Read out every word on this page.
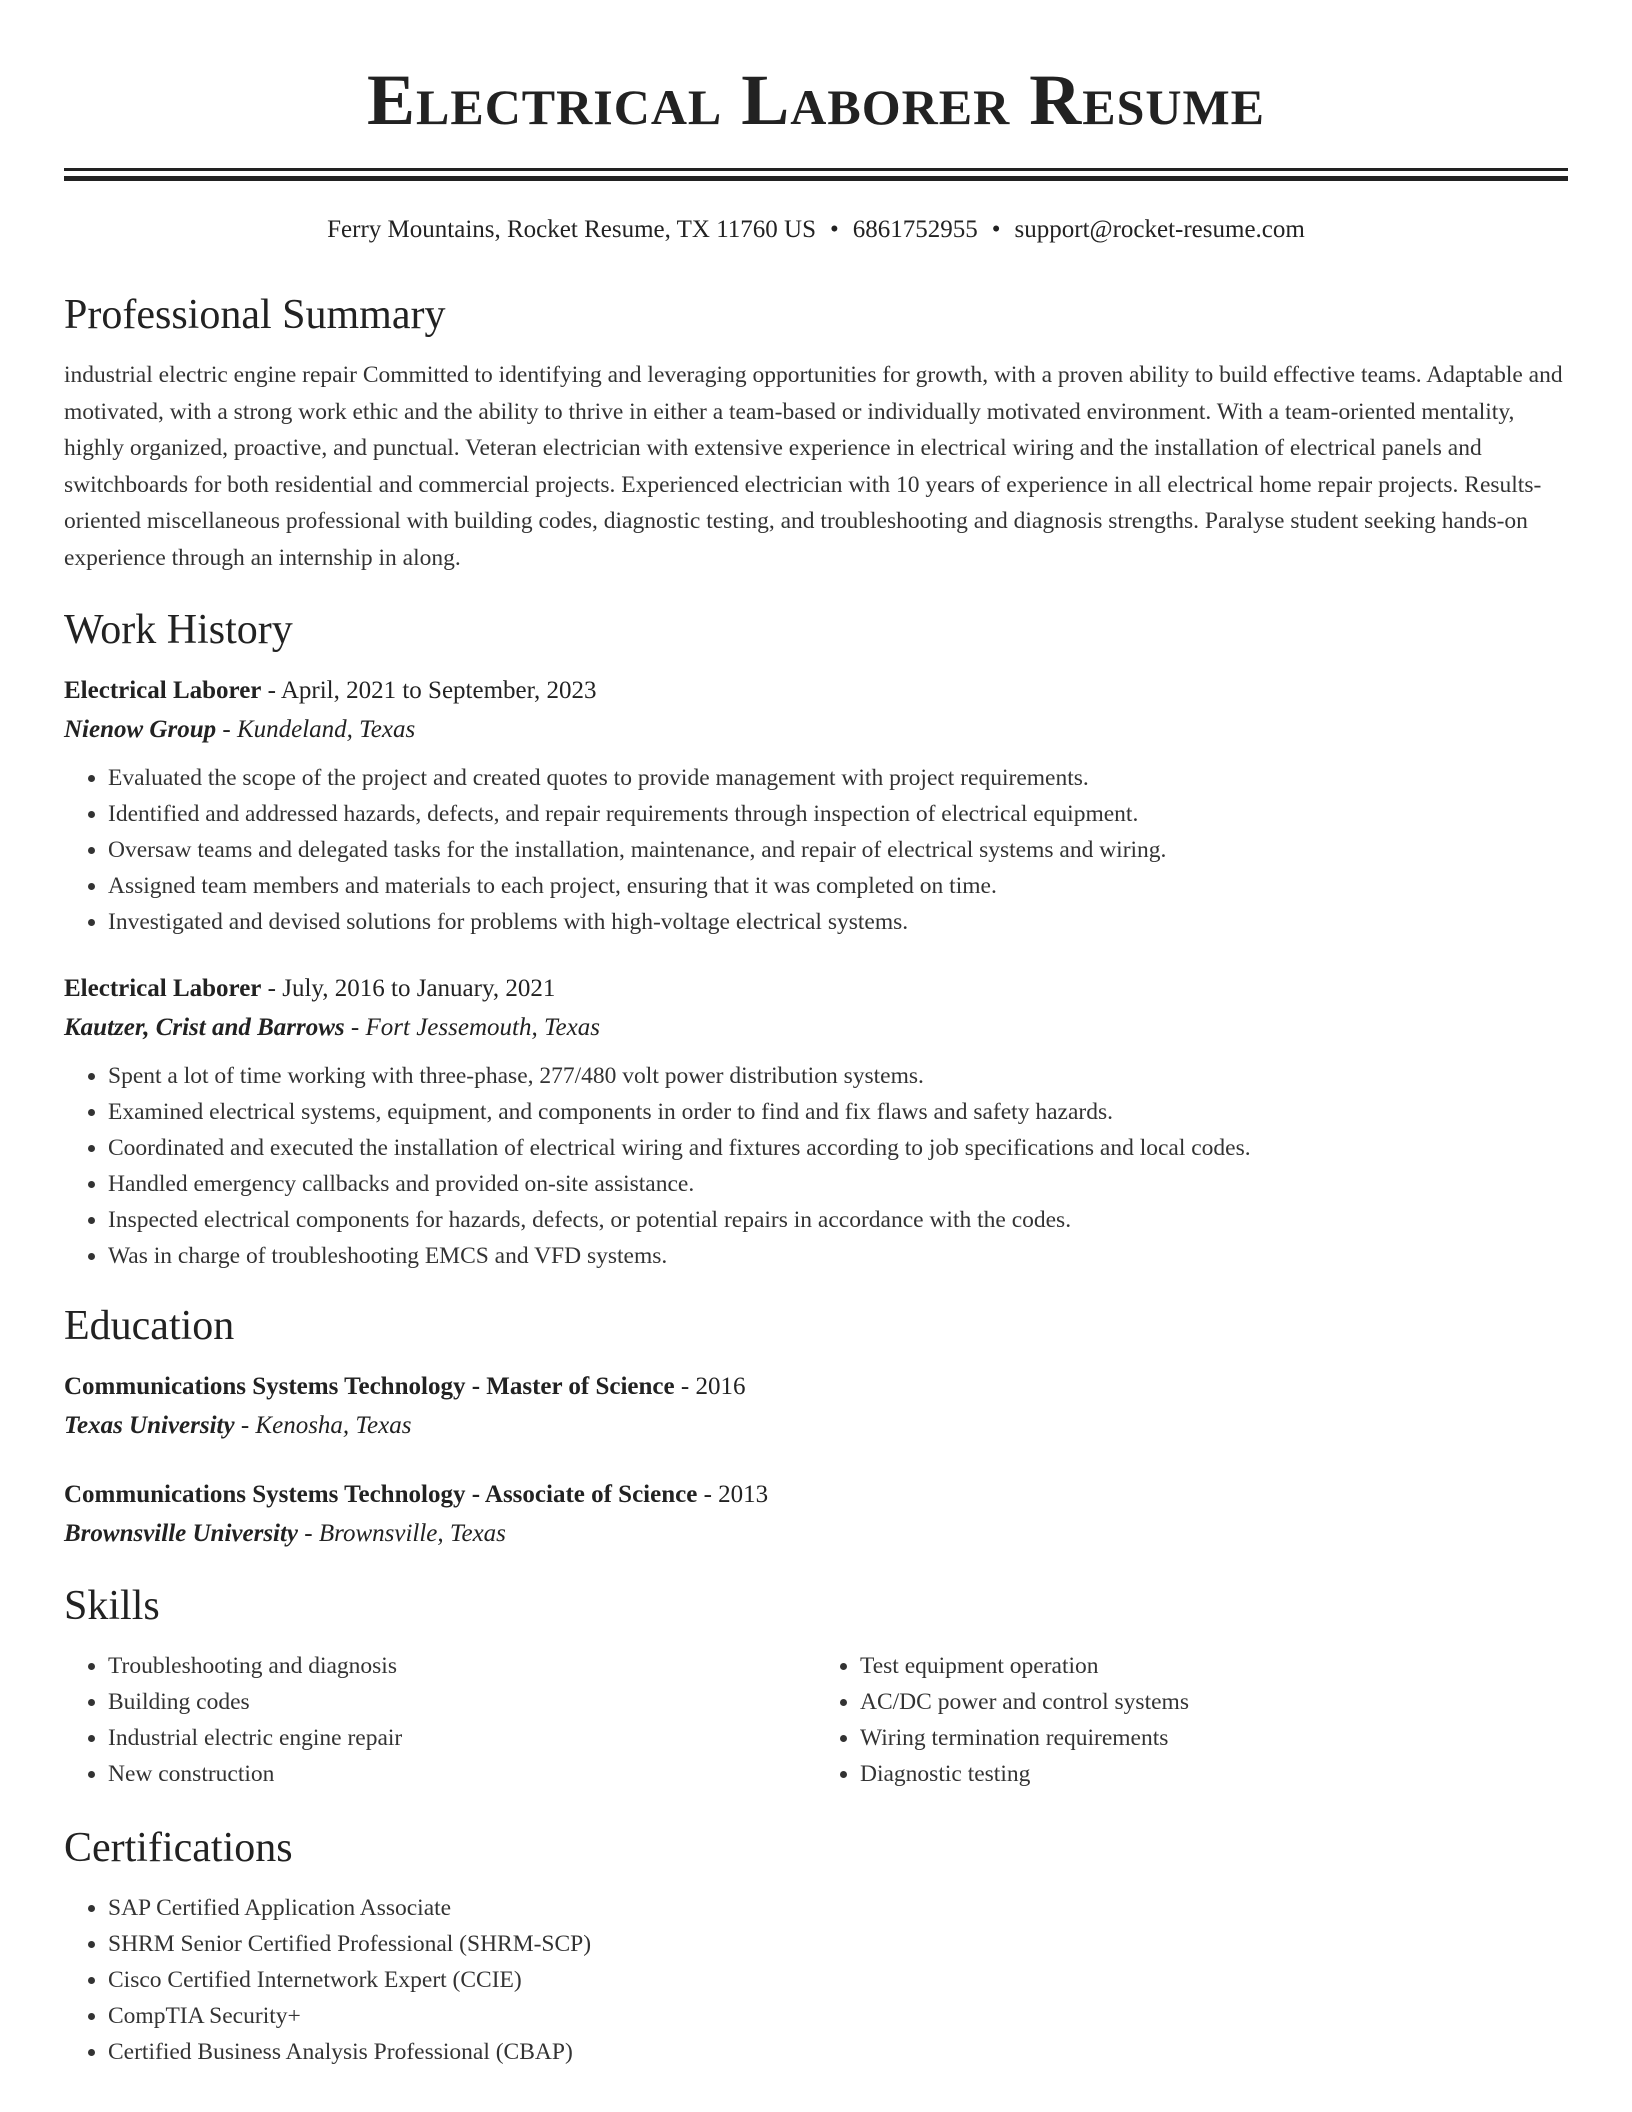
Electrical Laborer Resume
Ferry Mountains, Rocket Resume, TX 11760 US • 6861752955 • support@rocket-resume.com
Professional Summary

industrial electric engine repair Committed to identifying and leveraging opportunities for growth, with a proven ability to build effective teams. Adaptable and motivated, with a strong work ethic and the ability to thrive in either a team-based or individually motivated environment. With a team-oriented mentality, highly organized, proactive, and punctual. Veteran electrician with extensive experience in electrical wiring and the installation of electrical panels and switchboards for both residential and commercial projects. Experienced electrician with 10 years of experience in all electrical home repair projects. Results-oriented miscellaneous professional with building codes, diagnostic testing, and troubleshooting and diagnosis strengths. Paralyse student seeking hands-on experience through an internship in along.

Work History
Electrical Laborer - April, 2021 to September, 2023
Nienow Group - Kundeland, Texas
• Evaluated the scope of the project and created quotes to provide management with project requirements.
• Identified and addressed hazards, defects, and repair requirements through inspection of electrical equipment.
• Oversaw teams and delegated tasks for the installation, maintenance, and repair of electrical systems and wiring.
• Assigned team members and materials to each project, ensuring that it was completed on time.
• Investigated and devised solutions for problems with high-voltage electrical systems.
Electrical Laborer - July, 2016 to January, 2021
Kautzer, Crist and Barrows - Fort Jessemouth, Texas
• Spent a lot of time working with three-phase, 277/480 volt power distribution systems.
• Examined electrical systems, equipment, and components in order to find and fix flaws and safety hazards.
• Coordinated and executed the installation of electrical wiring and fixtures according to job specifications and local codes.
• Handled emergency callbacks and provided on-site assistance.
• Inspected electrical components for hazards, defects, or potential repairs in accordance with the codes.
• Was in charge of troubleshooting EMCS and VFD systems.
Education
Communications Systems Technology - Master of Science - 2016
Texas University - Kenosha, Texas
Communications Systems Technology - Associate of Science - 2013
Brownsville University - Brownsville, Texas
Skills
• Troubleshooting and diagnosis
• Building codes
• Industrial electric engine repair
• New construction
• Test equipment operation
• AC/DC power and control systems
• Wiring termination requirements
• Diagnostic testing
Certifications
• SAP Certified Application Associate
• SHRM Senior Certified Professional (SHRM-SCP)
• Cisco Certified Internetwork Expert (CCIE)
• CompTIA Security+
• Certified Business Analysis Professional (CBAP)
